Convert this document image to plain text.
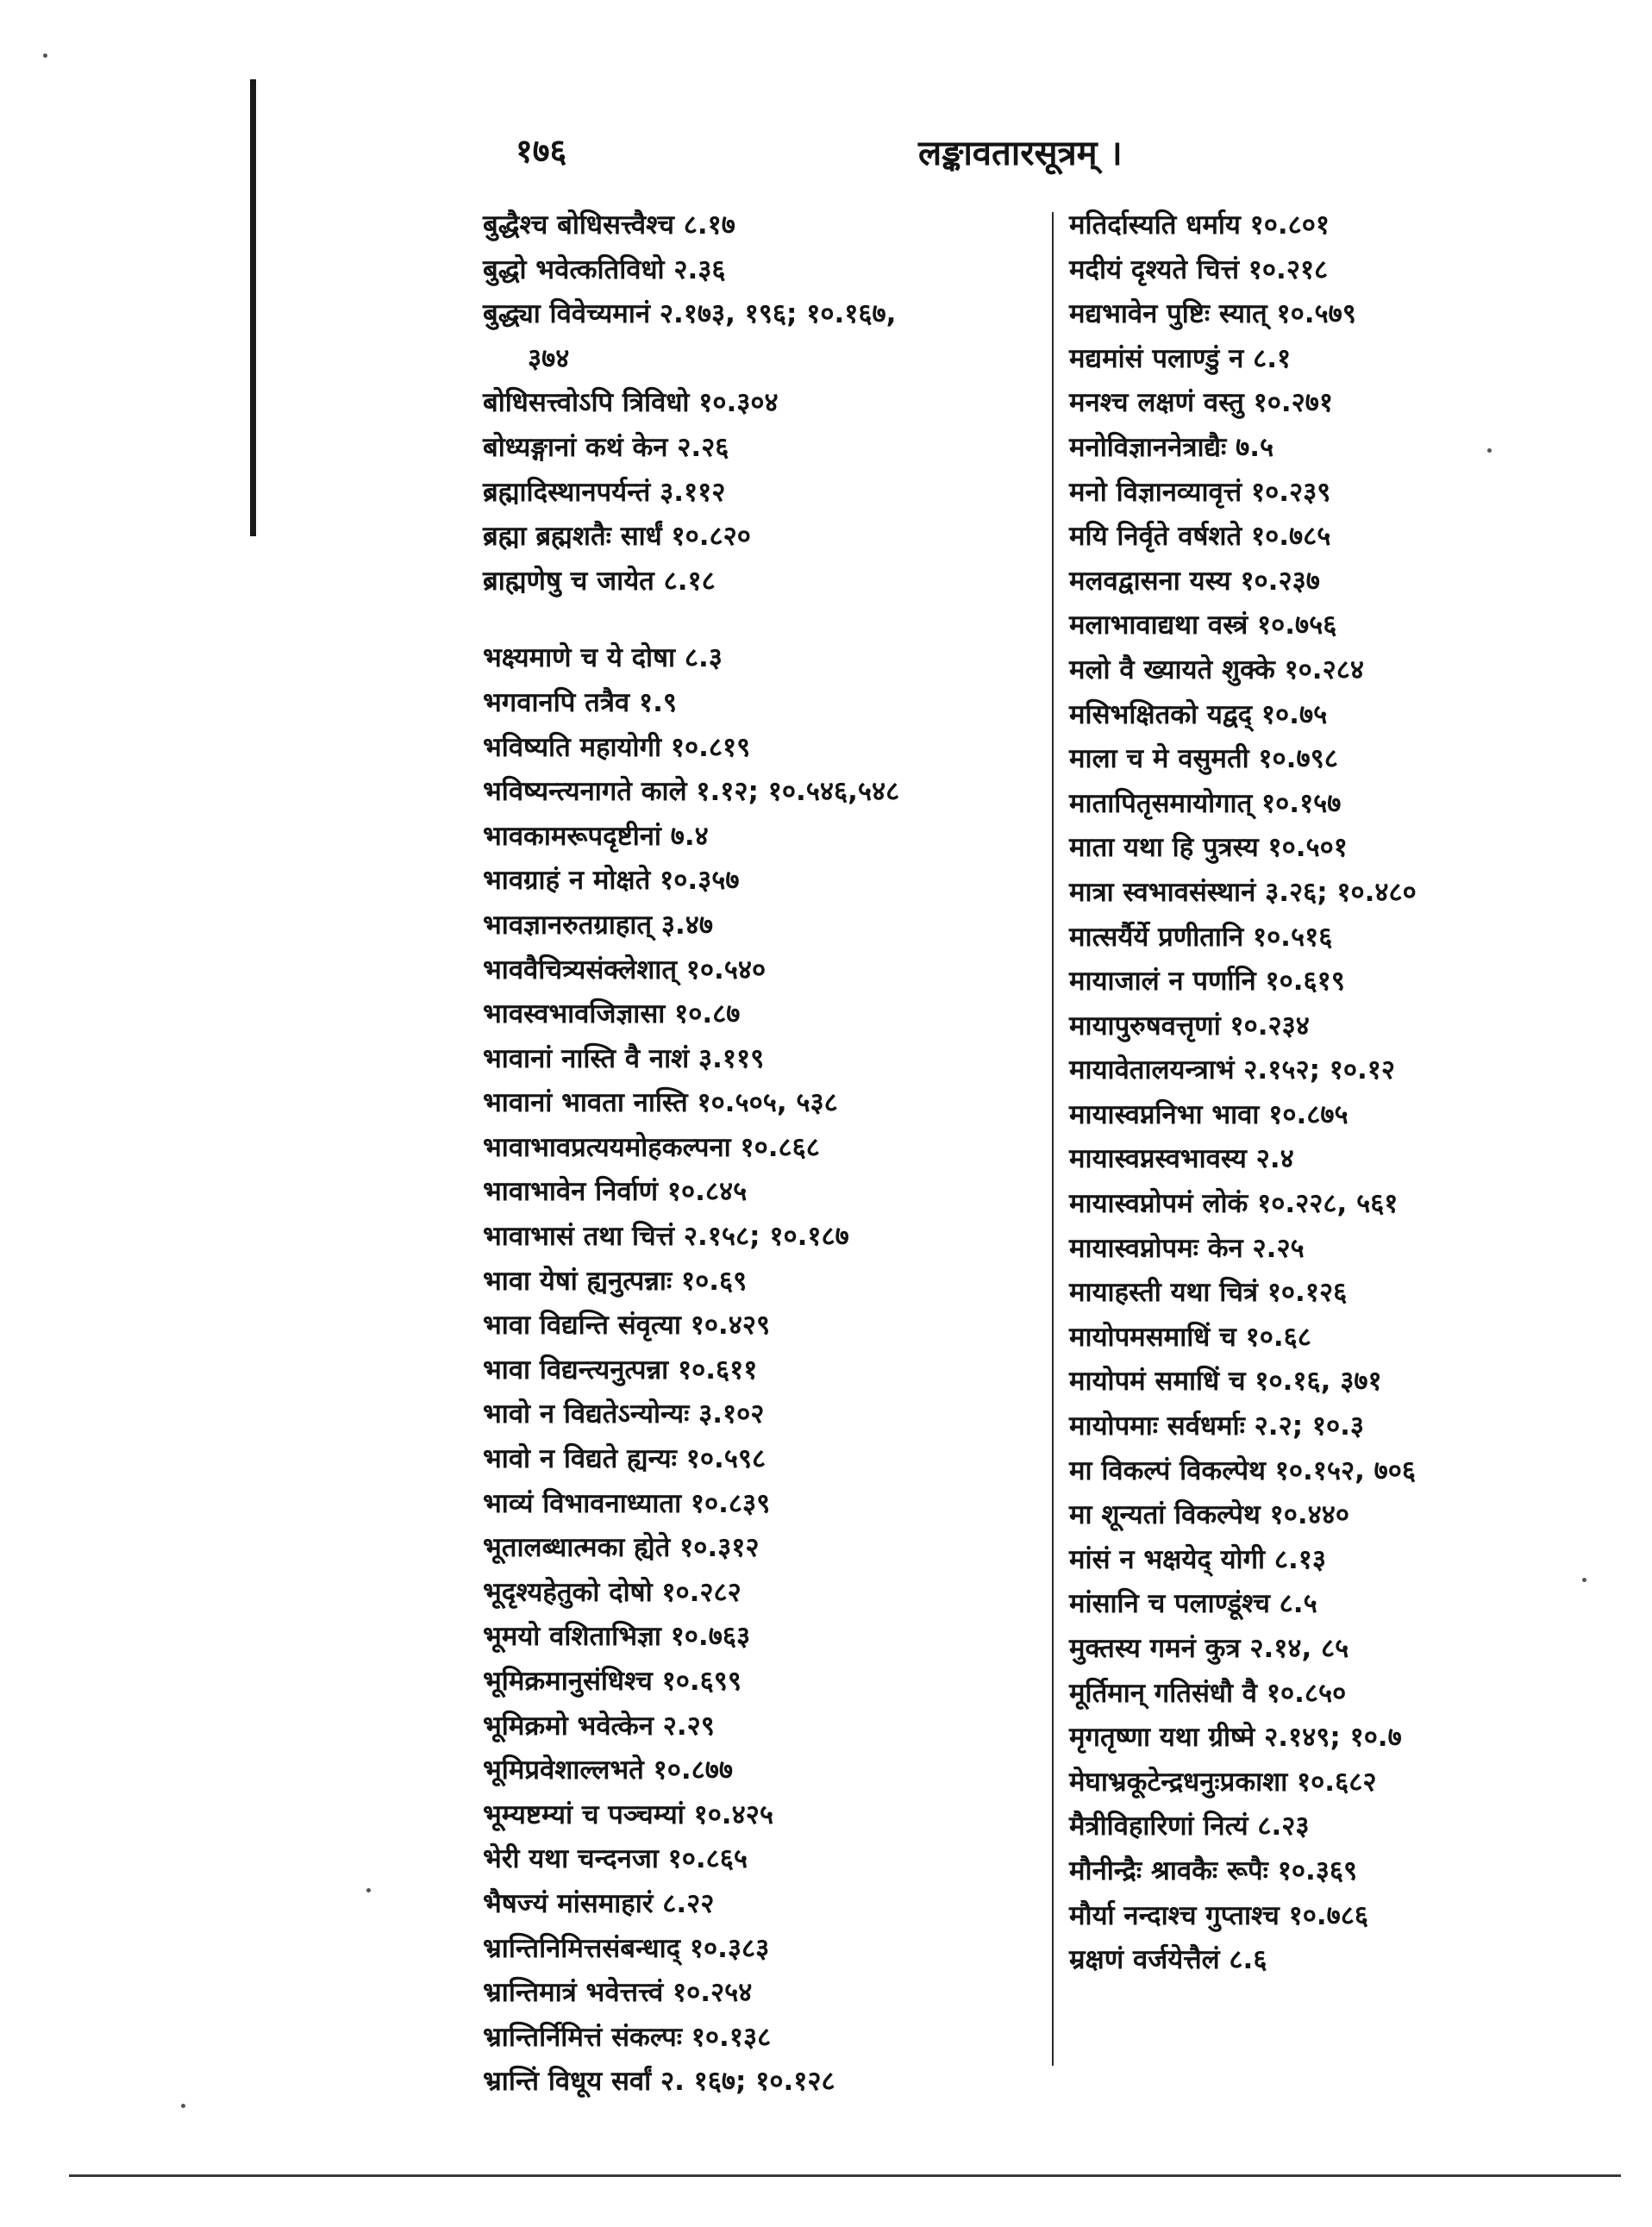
१७६	लङ्कावतारसूत्रम् ।
बुद्धैश्च बोधिसत्त्वैश्च ८.१७
बुद्धो भवेत्कतिविधो २.३६
बुद्ध्या विवेच्यमानं २.१७३, १९६; १०.१६७,
३७४
बोधिसत्त्वोऽपि त्रिविधो १०.३०४
बोध्यङ्गानां कथं केन २.२६
ब्रह्मादिस्थानपर्यन्तं ३.११२
ब्रह्मा ब्रह्मशतैः सार्धं १०.८२०
ब्राह्मणेषु च जायेत ८.१८
भक्ष्यमाणे च ये दोषा ८.३
भगवानपि तत्रैव १.९
भविष्यति महायोगी १०.८१९
भविष्यन्त्यनागते काले १.१२; १०.५४६,५४८
भावकामरूपदृष्टीनां ७.४
भावग्राहं न मोक्षते १०.३५७
भावज्ञानरुतग्राहात् ३.४७
भाववैचित्र्यसंक्लेशात् १०.५४०
भावस्वभावजिज्ञासा १०.८७
भावानां नास्ति वै नाशं ३.११९
भावानां भावता नास्ति १०.५०५, ५३८
भावाभावप्रत्ययमोहकल्पना १०.८६८
भावाभावेन निर्वाणं १०.८४५
भावाभासं तथा चित्तं २.१५८; १०.१८७
भावा येषां ह्यनुत्पन्नाः १०.६९
भावा विद्यन्ति संवृत्या १०.४२९
भावा विद्यन्त्यनुत्पन्ना १०.६११
भावो न विद्यतेऽन्योन्यः ३.१०२
भावो न विद्यते ह्यन्यः १०.५९८
भाव्यं विभावनाध्याता १०.८३९
भूतालब्धात्मका ह्येते १०.३१२
भूदृश्यहेतुको दोषो १०.२८२
भूमयो वशिताभिज्ञा १०.७६३
भूमिक्रमानुसंधिश्च १०.६९९
भूमिक्रमो भवेत्केन २.२९
भूमिप्रवेशाल्लभते १०.८७७
भूम्यष्टम्यां च पञ्चम्यां १०.४२५
भेरी यथा चन्दनजा १०.८६५
भैषज्यं मांसमाहारं ८.२२
भ्रान्तिनिमित्तसंबन्धाद् १०.३८३
भ्रान्तिमात्रं भवेत्तत्त्वं १०.२५४
भ्रान्तिर्निमित्तं संकल्पः १०.१३८
भ्रान्तिं विधूय सर्वां २. १६७; १०.१२८
मतिर्दास्यति धर्माय १०.८०१
मदीयं दृश्यते चित्तं १०.२१८
मद्यभावेन पुष्टिः स्यात् १०.५७९
मद्यमांसं पलाण्डुं न ८.१
मनश्च लक्षणं वस्तु १०.२७१
मनोविज्ञाननेत्राद्यैः ७.५
मनो विज्ञानव्यावृत्तं १०.२३९
मयि निर्वृते वर्षशते १०.७८५
मलवद्वासना यस्य १०.२३७
मलाभावाद्यथा वस्त्रं १०.७५६
मलो वै ख्यायते शुक्के १०.२८४
मसिभक्षितको यद्वद् १०.७५
माला च मे वसुमती १०.७९८
मातापितृसमायोगात् १०.१५७
माता यथा हि पुत्रस्य १०.५०१
मात्रा स्वभावसंस्थानं ३.२६; १०.४८०
मात्सर्यैर्ये प्रणीतानि १०.५१६
मायाजालं न पर्णानि १०.६१९
मायापुरुषवत्तृणां १०.२३४
मायावेतालयन्त्राभं २.१५२; १०.१२
मायास्वप्ननिभा भावा १०.८७५
मायास्वप्नस्वभावस्य २.४
मायास्वप्नोपमं लोकं १०.२२८, ५६१
मायास्वप्नोपमः केन २.२५
मायाहस्ती यथा चित्रं १०.१२६
मायोपमसमाधिं च १०.६८
मायोपमं समाधिं च १०.१६, ३७१
मायोपमाः सर्वधर्माः २.२; १०.३
मा विकल्पं विकल्पेथ १०.१५२, ७०६
मा शून्यतां विकल्पेथ १०.४४०
मांसं न भक्षयेद् योगी ८.१३
मांसानि च पलाण्डूंश्च ८.५
मुक्तस्य गमनं कुत्र २.१४, ८५
मूर्तिमान् गतिसंधौ वै १०.८५०
मृगतृष्णा यथा ग्रीष्मे २.१४९; १०.७
मेघाभ्रकूटेन्द्रधनुःप्रकाशा १०.६८२
मैत्रीविहारिणां नित्यं ८.२३
मौनीन्द्रैः श्रावकैः रूपैः १०.३६९
मौर्या नन्दाश्च गुप्ताश्च १०.७८६
म्रक्षणं वर्जयेत्तैलं ८.६
